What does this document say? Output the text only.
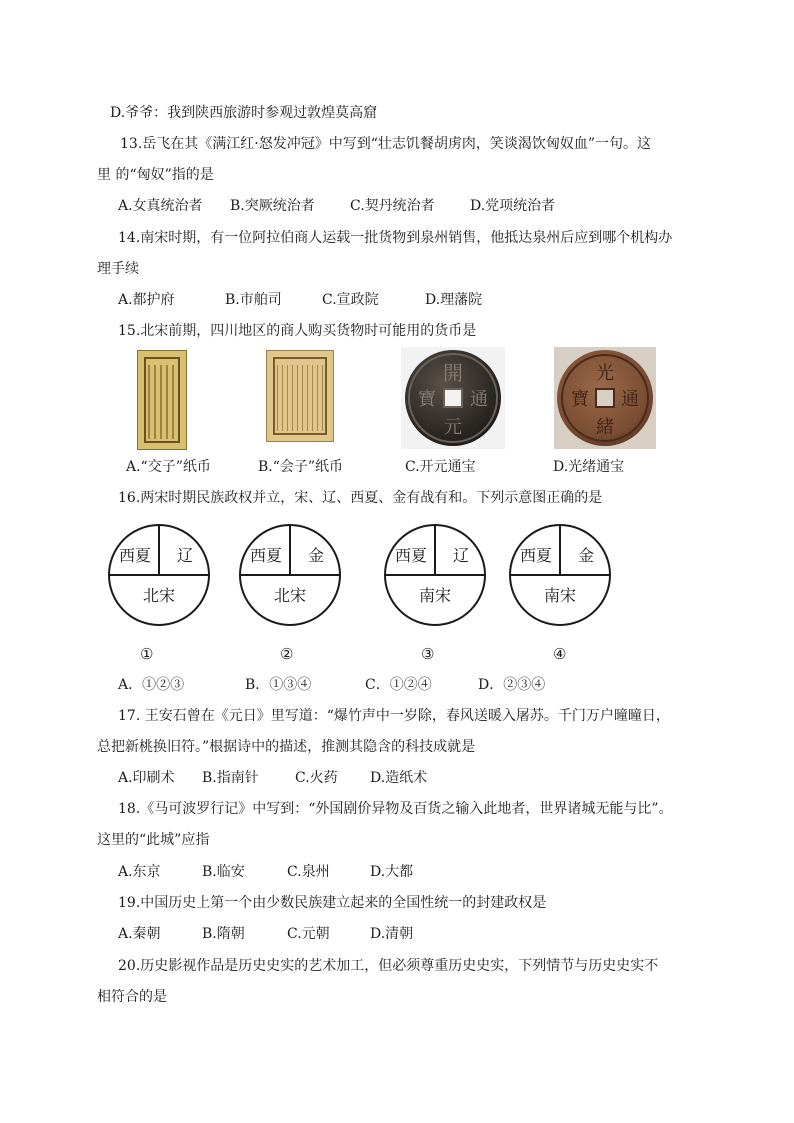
D.爷爷：我到陕西旅游时参观过敦煌莫高窟
13.岳飞在其《满江红·怒发冲冠》中写到“壮志饥餐胡虏肉，笑谈渴饮匈奴血”一句。这
里 的“匈奴”指的是
A.女真统治者 B.突厥统治者	C.契丹统治者	D.党项统治者
14.南宋时期，有一位阿拉伯商人运载一批货物到泉州销售，他抵达泉州后应到哪个机构办
理手续
A.都护府	B.市舶司	C.宣政院	D.理藩院
15.北宋前期，四川地区的商人购买货物时可能用的货币是
開
元
通
寶
光
緒
通
寶
A.“交子”纸币	B.“会子”纸币	C.开元通宝	D.光绪通宝
16.两宋时期民族政权并立，宋、辽、西夏、金有战有和。下列示意图正确的是
西夏	辽
北宋
西夏	金
北宋
西夏	辽
南宋
西夏	金
南宋
①	②	③	④
A．①②③	B．①③④	C．①②④	D．②③④
17. 王安石曾在《元日》里写道：“爆竹声中一岁除，春风送暖入屠苏。千门万户曈曈日，
总把新桃换旧符。”根据诗中的描述，推测其隐含的科技成就是
A.印刷术 B.指南针	C.火药 D.造纸术
18.《马可波罗行记》中写到：“外国剧价异物及百货之输入此地者，世界诸城无能与比”。
这里的“此城”应指
A.东京	B.临安	C.泉州	D.大都
19.中国历史上第一个由少数民族建立起来的全国性统一的封建政权是
A.秦朝	B.隋朝	C.元朝	D.清朝
20.历史影视作品是历史史实的艺术加工，但必须尊重历史史实，下列情节与历史史实不
相符合的是
